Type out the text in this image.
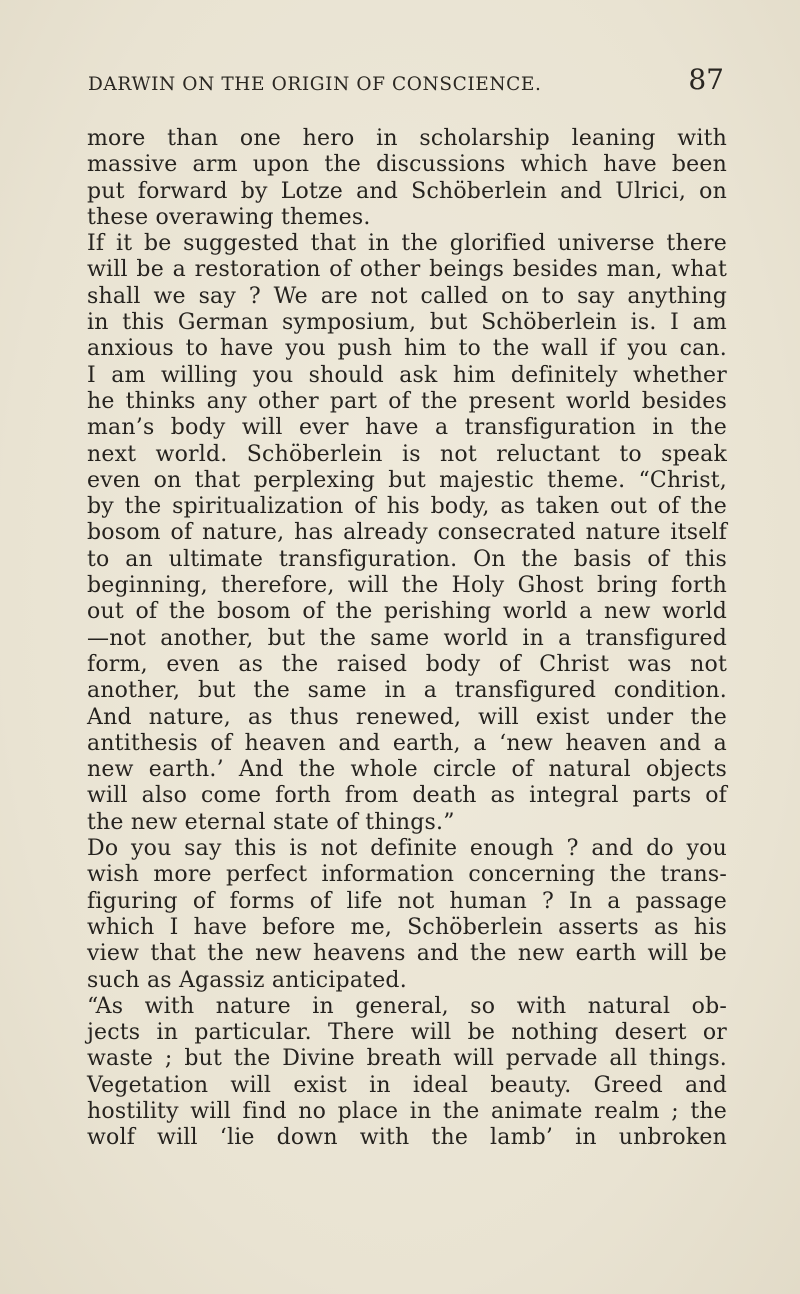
DARWIN ON THE ORIGIN OF CONSCIENCE.	87
more than one hero in scholarship leaning with
massive arm upon the discussions which have been
put forward by Lotze and Schöberlein and Ulrici, on
these overawing themes.
If it be suggested that in the glorified universe there
will be a restoration of other beings besides man, what
shall we say ? We are not called on to say anything
in this German symposium, but Schöberlein is. I am
anxious to have you push him to the wall if you can.
I am willing you should ask him definitely whether
he thinks any other part of the present world besides
man’s body will ever have a transfiguration in the
next world. Schöberlein is not reluctant to speak
even on that perplexing but majestic theme. “Christ,
by the spiritualization of his body, as taken out of the
bosom of nature, has already consecrated nature itself
to an ultimate transfiguration. On the basis of this
beginning, therefore, will the Holy Ghost bring forth
out of the bosom of the perishing world a new world
—not another, but the same world in a transfigured
form, even as the raised body of Christ was not
another, but the same in a transfigured condition.
And nature, as thus renewed, will exist under the
antithesis of heaven and earth, a ‘new heaven and a
new earth.’ And the whole circle of natural objects
will also come forth from death as integral parts of
the new eternal state of things.”
Do you say this is not definite enough ? and do you
wish more perfect information concerning the trans-
figuring of forms of life not human ? In a passage
which I have before me, Schöberlein asserts as his
view that the new heavens and the new earth will be
such as Agassiz anticipated.
“As with nature in general, so with natural ob-
jects in particular. There will be nothing desert or
waste ; but the Divine breath will pervade all things.
Vegetation will exist in ideal beauty. Greed and
hostility will find no place in the animate realm ; the
wolf will ‘lie down with the lamb’ in unbroken
